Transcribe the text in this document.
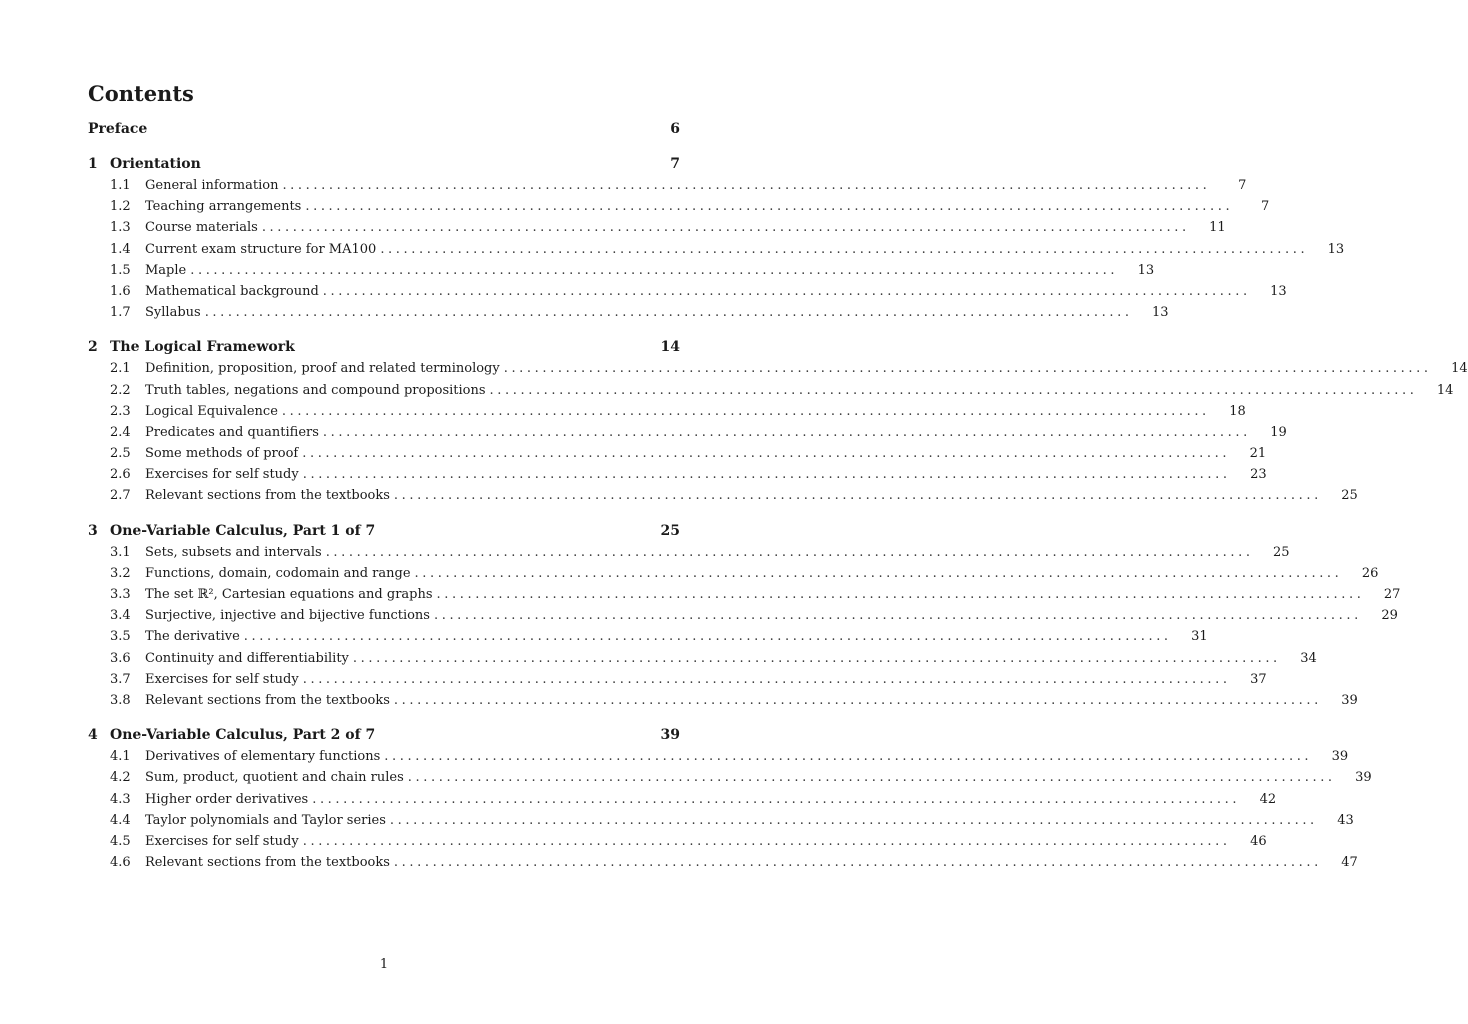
Contents
Preface	6
1 Orientation	7
1.1	General information ........................................................................................................................	7
1.2	Teaching arrangements ........................................................................................................................	7
1.3	Course materials ........................................................................................................................	11
1.4	Current exam structure for MA100 ........................................................................................................................	13
1.5	Maple ........................................................................................................................	13
1.6	Mathematical background ........................................................................................................................	13
1.7	Syllabus ........................................................................................................................	13
2 The Logical Framework	14
2.1	Definition, proposition, proof and related terminology ........................................................................................................................	14
2.2	Truth tables, negations and compound propositions ........................................................................................................................	14
2.3	Logical Equivalence ........................................................................................................................	18
2.4	Predicates and quantifiers ........................................................................................................................	19
2.5	Some methods of proof ........................................................................................................................	21
2.6	Exercises for self study ........................................................................................................................	23
2.7	Relevant sections from the textbooks ........................................................................................................................	25
3 One-Variable Calculus, Part 1 of 7	25
3.1	Sets, subsets and intervals ........................................................................................................................	25
3.2	Functions, domain, codomain and range ........................................................................................................................	26
3.3	The set ℝ², Cartesian equations and graphs ........................................................................................................................	27
3.4	Surjective, injective and bijective functions ........................................................................................................................	29
3.5	The derivative ........................................................................................................................	31
3.6	Continuity and differentiability ........................................................................................................................	34
3.7	Exercises for self study ........................................................................................................................	37
3.8	Relevant sections from the textbooks ........................................................................................................................	39
4 One-Variable Calculus, Part 2 of 7	39
4.1	Derivatives of elementary functions ........................................................................................................................	39
4.2	Sum, product, quotient and chain rules ........................................................................................................................	39
4.3	Higher order derivatives ........................................................................................................................	42
4.4	Taylor polynomials and Taylor series ........................................................................................................................	43
4.5	Exercises for self study ........................................................................................................................	46
4.6	Relevant sections from the textbooks ........................................................................................................................	47
1
